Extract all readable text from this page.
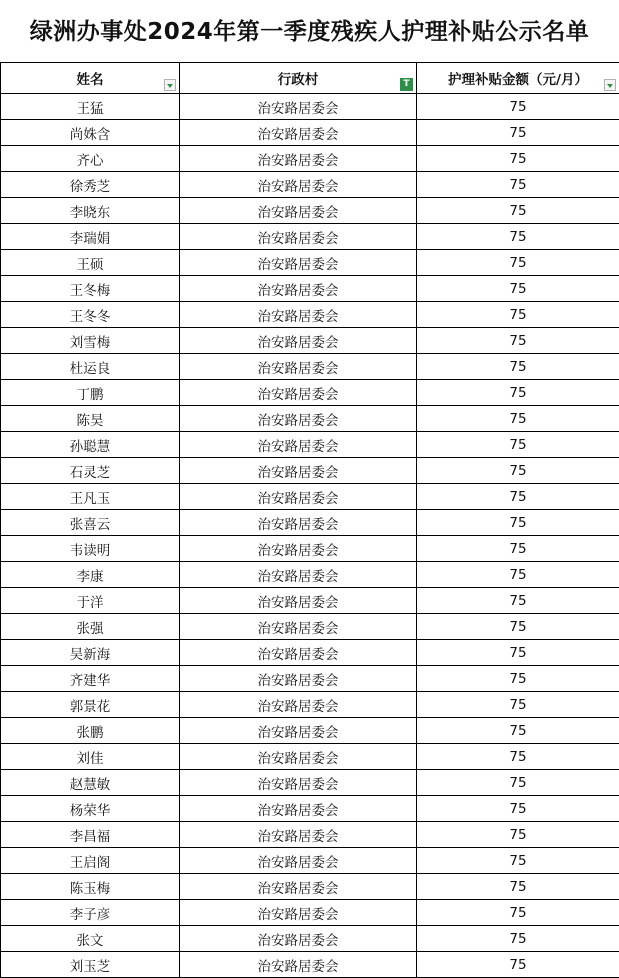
绿洲办事处2024年第一季度残疾人护理补贴公示名单
姓名	行政村 T	护理补贴金额（元/月）

王猛	治安路居委会	75
尚姝含	治安路居委会	75
齐心	治安路居委会	75
徐秀芝	治安路居委会	75
李晓东	治安路居委会	75
李瑞娟	治安路居委会	75
王硕	治安路居委会	75
王冬梅	治安路居委会	75
王冬冬	治安路居委会	75
刘雪梅	治安路居委会	75
杜运良	治安路居委会	75
丁鹏	治安路居委会	75
陈昊	治安路居委会	75
孙聪慧	治安路居委会	75
石灵芝	治安路居委会	75
王凡玉	治安路居委会	75
张喜云	治安路居委会	75
韦读明	治安路居委会	75
李康	治安路居委会	75
于洋	治安路居委会	75
张强	治安路居委会	75
吴新海	治安路居委会	75
齐建华	治安路居委会	75
郭景花	治安路居委会	75
张鹏	治安路居委会	75
刘佳	治安路居委会	75
赵慧敏	治安路居委会	75
杨荣华	治安路居委会	75
李昌福	治安路居委会	75
王启阁	治安路居委会	75
陈玉梅	治安路居委会	75
李子彦	治安路居委会	75
张文	治安路居委会	75
刘玉芝	治安路居委会	75
